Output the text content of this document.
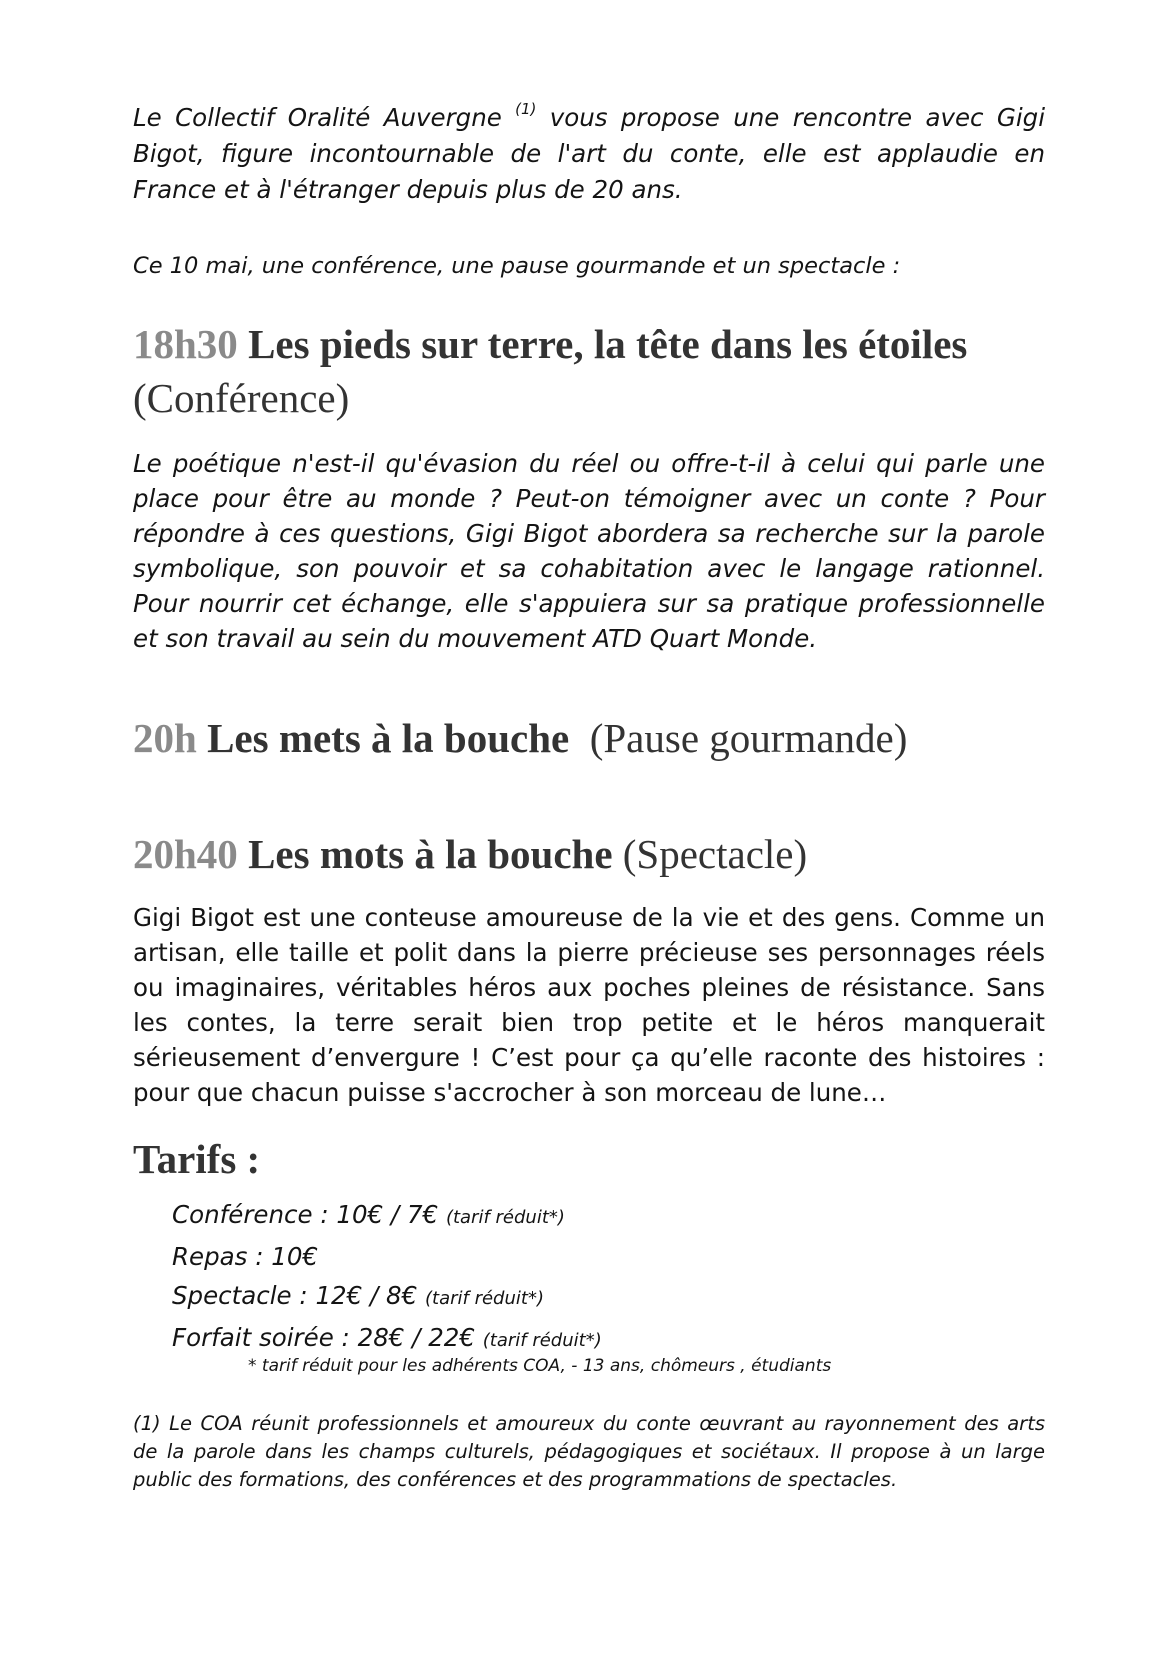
Le Collectif Oralité Auvergne $^{(1)}$ vous propose une rencontre avec Gigi Bigot, figure incontournable de l'art du conte, elle est applaudie en France et à l'étranger depuis plus de 20 ans.

Ce 10 mai, une conférence, une pause gourmande et un spectacle :

18h30 Les pieds sur terre, la tête dans les étoiles
(Conférence)

Le poétique n'est-il qu'évasion du réel ou offre-t-il à celui qui parle une place pour être au monde ? Peut-on témoigner avec un conte ? Pour répondre à ces questions, Gigi Bigot abordera sa recherche sur la parole symbolique, son pouvoir et sa cohabitation avec le langage rationnel. Pour nourrir cet échange, elle s'appuiera sur sa pratique professionnelle et son travail au sein du mouvement ATD Quart Monde.

20h Les mets à la bouche (Pause gourmande)
20h40 Les mots à la bouche (Spectacle)

Gigi Bigot est une conteuse amoureuse de la vie et des gens. Comme un artisan, elle taille et polit dans la pierre précieuse ses personnages réels ou imaginaires, véritables héros aux poches pleines de résistance. Sans les contes, la terre serait bien trop petite et le héros manquerait sérieusement d’envergure ! C’est pour ça qu’elle raconte des histoires : pour que chacun puisse s'accrocher à son morceau de lune…

Tarifs :
Conférence : 10€ / 7€ (tarif réduit*)
Repas : 10€
Spectacle : 12€ / 8€ (tarif réduit*)
Forfait soirée : 28€ / 22€ (tarif réduit*)
* tarif réduit pour les adhérents COA, - 13 ans, chômeurs , étudiants

(1) Le COA réunit professionnels et amoureux du conte œuvrant au rayonnement des arts de la parole dans les champs culturels, pédagogiques et sociétaux. Il propose à un large public des formations, des conférences et des programmations de spectacles.
